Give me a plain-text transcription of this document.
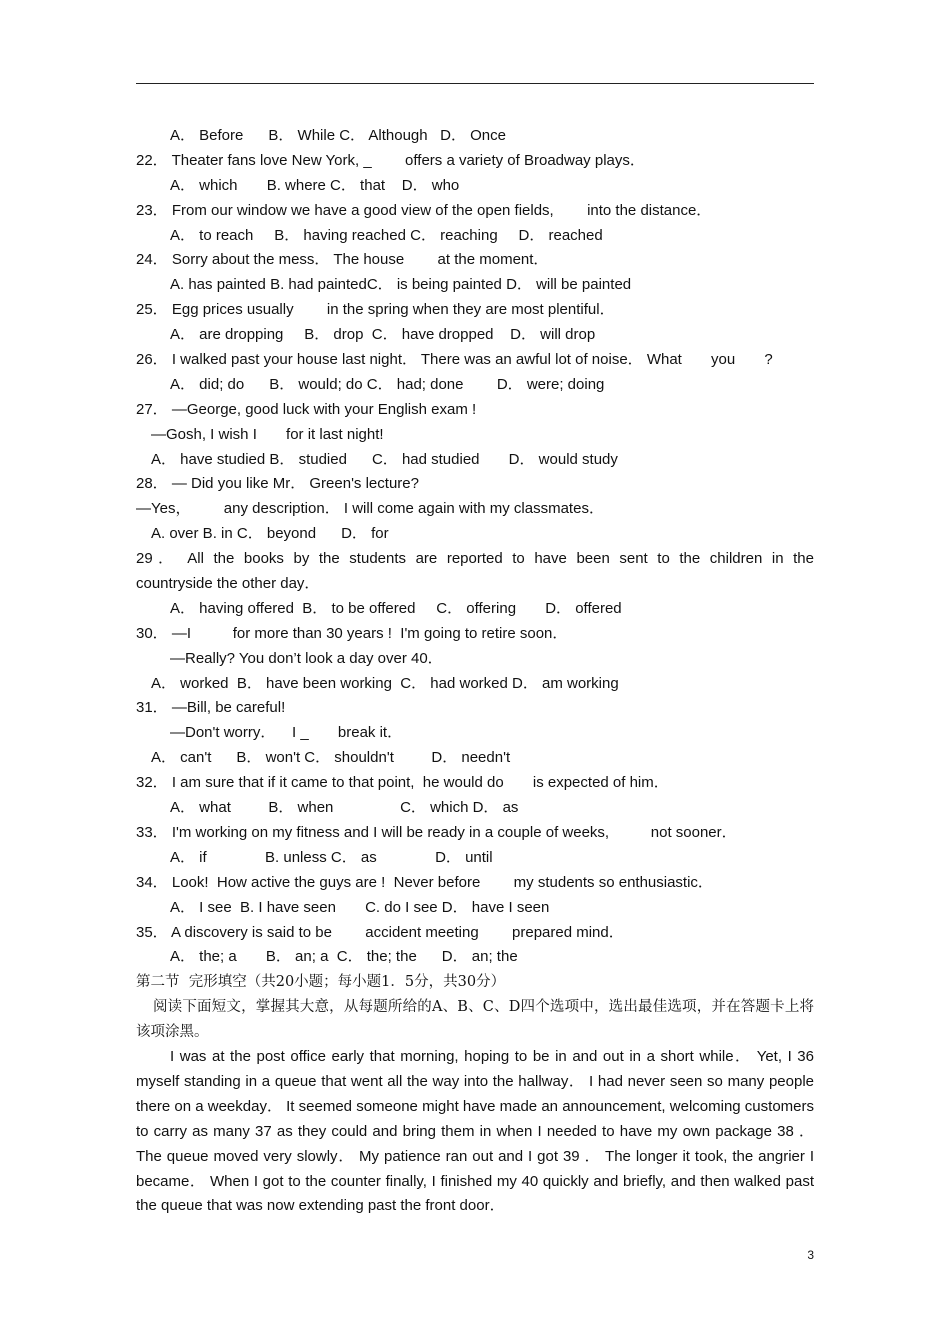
A． Before      B． While C． Although   D． Once
22． Theater fans love New York, _        offers a variety of Broadway plays．
A． which       B. where C． that    D． who
23． From our window we have a good view of the open fields,        into the distance．
A． to reach     B． having reached C． reaching     D． reached
24． Sorry about the mess． The house        at the moment．
A. has painted B. had paintedC． is being painted D． will be painted
25． Egg prices usually        in the spring when they are most plentiful．
A． are dropping     B． drop  C． have dropped    D． will drop
26． I walked past your house last night． There was an awful lot of noise． What       you       ?
A． did; do      B． would; do C． had; done        D． were; doing
27． —George, good luck with your English exam !
—Gosh, I wish I       for it last night!
A． have studied B． studied      C． had studied       D． would study
28． — Did you like Mr． Green's lecture?
—Yes，        any description． I will come again with my classmates．
A. over B. in C． beyond      D． for
29． All the books by the students are reported to have been sent to the children in the
countryside the other day．
A． having offered  B． to be offered     C． offering       D． offered
30． —I          for more than 30 years !  I'm going to retire soon．
—Really? You don’t look a day over 40．
A． worked  B． have been working  C． had worked D． am working
31． —Bill, be careful!
—Don't worry．    I _       break it．
A． can't      B． won't C． shouldn't         D． needn't
32． I am sure that if it came to that point,  he would do       is expected of him．
A． what         B． when                C． which D． as
33． I'm working on my fitness and I will be ready in a couple of weeks,          not sooner．
A． if              B. unless C． as              D． until
34． Look!  How active the guys are !  Never before        my students so enthusiastic．
A． I see  B. I have seen       C. do I see D． have I seen
35． A discovery is said to be        accident meeting        prepared mind．
A． the; a       B． an; a  C． the; the      D． an; the
第二节  完形填空（共20小题；每小题1．5分，共30分）

阅读下面短文，掌握其大意，从每题所给的A、B、C、D四个选项中，选出最佳选项，并在答题卡上将该项涂黑。

I was at the post office early that morning, hoping to be in and out in a short while． Yet, I 36 myself standing in a queue that went all the way into the hallway． I had never seen so many people there on a weekday． It seemed someone might have made an announcement, welcoming customers to carry as many 37 as they could and bring them in when I needed to have my own package 38 ． The queue moved very slowly． My patience ran out and I got 39 ． The longer it took, the angrier I became． When I got to the counter finally, I finished my 40 quickly and briefly, and then walked past the queue that was now extending past the front door．

3
